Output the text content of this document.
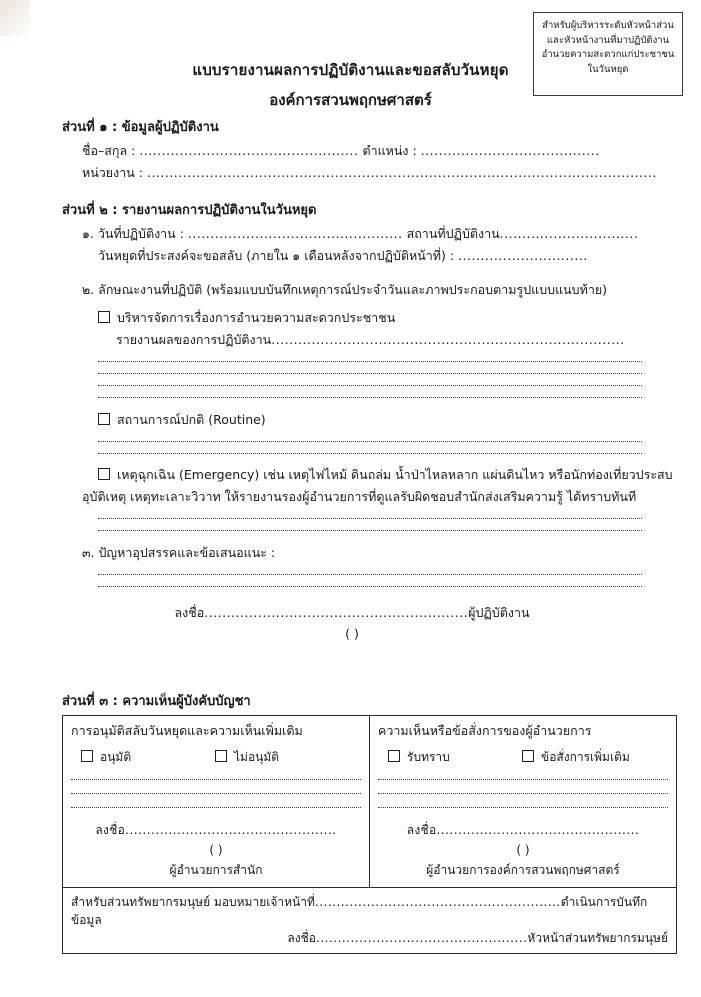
สำหรับผู้บริหารระดับหัวหน้าส่วน
และหัวหน้างานที่มาปฏิบัติงาน
อำนวยความสะดวกแก่ประชาชน
ในวันหยุด
แบบรายงานผลการปฏิบัติงานและขอสลับวันหยุด
องค์การสวนพฤกษศาสตร์
ส่วนที่ ๑ : ข้อมูลผู้ปฏิบัติงาน
ชื่อ–สกุล : ................................................. ตำแหน่ง : ........................................
หน่วยงาน : ..................................................................................................................
ส่วนที่ ๒ : รายงานผลการปฏิบัติงานในวันหยุด
๑. วันที่ปฏิบัติงาน : ................................................ สถานที่ปฏิบัติงาน...............................
วันหยุดที่ประสงค์จะขอสลับ (ภายใน ๑ เดือนหลังจากปฏิบัติหน้าที่) : .............................
๒. ลักษณะงานที่ปฏิบัติ (พร้อมแบบบันทึกเหตุการณ์ประจำวันและภาพประกอบตามรูปแบบแนบท้าย)
บริหารจัดการเรื่องการอำนวยความสะดวกประชาชน
รายงานผลของการปฏิบัติงาน...............................................................................
สถานการณ์ปกติ (Routine)
เหตุฉุกเฉิน (Emergency) เช่น เหตุไฟไหม้ ดินถล่ม น้ำป่าไหลหลาก แผ่นดินไหว หรือนักท่องเที่ยวประสบ
อุบัติเหตุ เหตุทะเลาะวิวาท ให้รายงานรองผู้อำนวยการที่ดูแลรับผิดชอบสำนักส่งเสริมความรู้ ได้ทราบทันที
๓. ปัญหาอุปสรรคและข้อเสนอแนะ :
ลงชื่อ...........................................................ผู้ปฏิบัติงาน
( )
ส่วนที่ ๓ : ความเห็นผู้บังคับบัญชา
การอนุมัติสลับวันหยุดและความเห็นเพิ่มเติม
อนุมัติ	ไม่อนุมัติ
ลงชื่อ.................................................
( )
ผู้อำนวยการสำนัก

ความเห็นหรือข้อสั่งการของผู้อำนวยการ
รับทราบ	ข้อสั่งการเพิ่มเติม
ลงชื่อ...............................................
( )
ผู้อำนวยการองค์การสวนพฤกษศาสตร์

สำหรับส่วนทรัพยากรมนุษย์ มอบหมายเจ้าหน้าที่.........................................................ดำเนินการบันทึกข้อมูล
ลงชื่อ.................................................หัวหน้าส่วนทรัพยากรมนุษย์
